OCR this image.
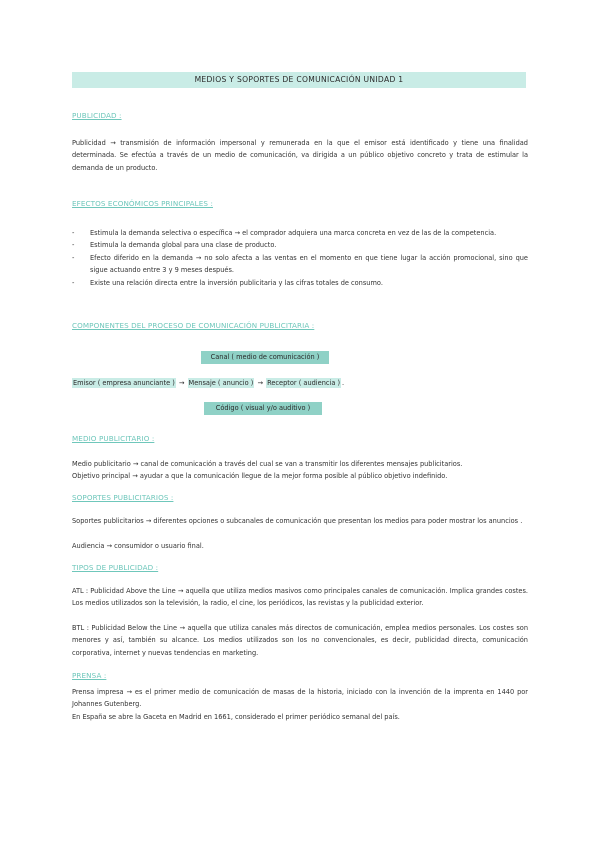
MEDIOS Y SOPORTES DE COMUNICACIÓN UNIDAD 1
PUBLICIDAD :
Publicidad → transmisión de información impersonal y remunerada en la que el emisor está identificado y tiene una finalidad determinada. Se efectúa a través de un medio de comunicación, va dirigida a un público objetivo concreto y trata de estimular la demanda de un producto.
EFECTOS ECONÓMICOS PRINCIPALES :
- Estimula la demanda selectiva o específica → el comprador adquiera una marca concreta en vez de las de la competencia.
- Estimula la demanda global para una clase de producto.
- Efecto diferido en la demanda → no solo afecta a las ventas en el momento en que tiene lugar la acción promocional, sino que sigue actuando entre 3 y 9 meses después.
- Existe una relación directa entre la inversión publicitaria y las cifras totales de consumo.
COMPONENTES DEL PROCESO DE COMUNICACIÓN PUBLICITARIA :
Canal ( medio de comunicación )
Emisor ( empresa anunciante ) → Mensaje ( anuncio ) → Receptor ( audiencia ) .
Código ( visual y/o auditivo )
MEDIO PUBLICITARIO :
Medio publicitario → canal de comunicación a través del cual se van a transmitir los diferentes mensajes publicitarios.
Objetivo principal → ayudar a que la comunicación llegue de la mejor forma posible al público objetivo indefinido.
SOPORTES PUBLICITARIOS :
Soportes publicitarios → diferentes opciones o subcanales de comunicación que presentan los medios para poder mostrar los anuncios .
Audiencia → consumidor o usuario final.
TIPOS DE PUBLICIDAD :
ATL : Publicidad Above the Line → aquella que utiliza medios masivos como principales canales de comunicación. Implica grandes costes. Los medios utilizados son la televisión, la radio, el cine, los periódicos, las revistas y la publicidad exterior.
BTL : Publicidad Below the Line → aquella que utiliza canales más directos de comunicación, emplea medios personales. Los costes son menores y así, también su alcance. Los medios utilizados son los no convencionales, es decir, publicidad directa, comunicación corporativa, internet y nuevas tendencias en marketing.
PRENSA :
Prensa impresa → es el primer medio de comunicación de masas de la historia, iniciado con la invención de la imprenta en 1440 por Johannes Gutenberg.
En España se abre la Gaceta en Madrid en 1661, considerado el primer periódico semanal del país.
